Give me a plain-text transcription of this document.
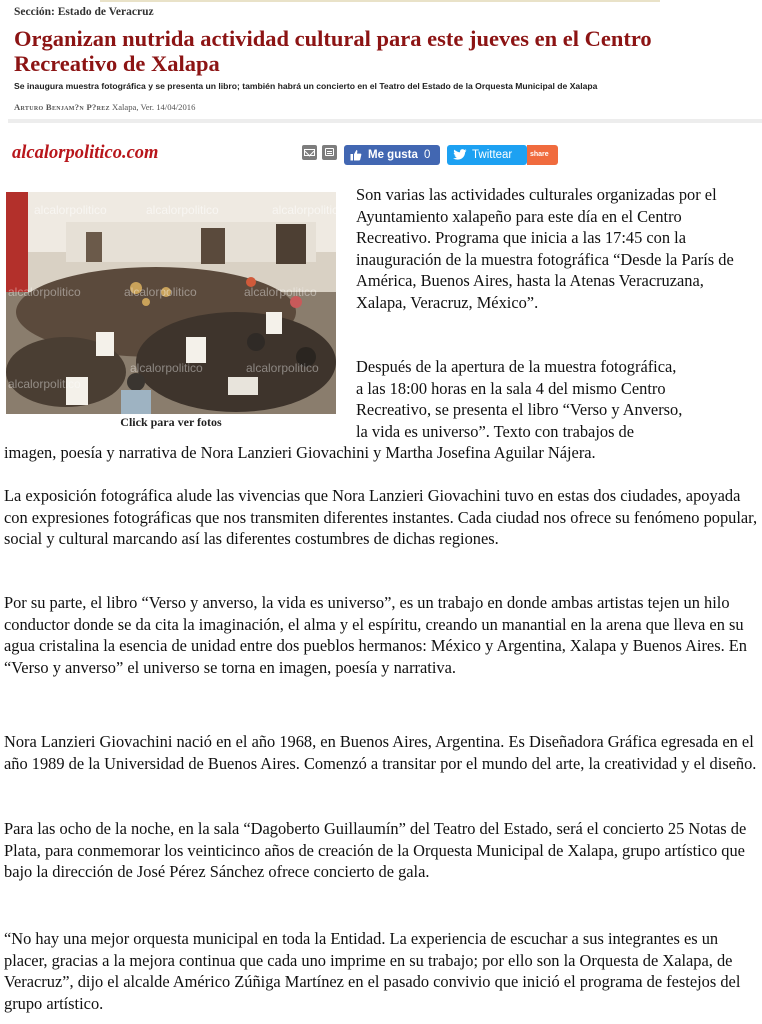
Sección: Estado de Veracruz
Organizan nutrida actividad cultural para este jueves en el Centro Recreativo de Xalapa
Se inaugura muestra fotográfica y se presenta un libro; también habrá un concierto en el Teatro del Estado de la Orquesta Municipal de Xalapa
Arturo Benjam?n P?rez Xalapa, Ver. 14/04/2016
alcalorpolitico.com	Me gusta 0	Twittear	share
alcalorpolitico	alcalorpolitico	alcalorpolitico
alcalorpolitico	alcalorpolitico	alcalorpolitico
alcalorpolitico
alcalorpolitico	alcalorpolitico
Click para ver fotos

Son varias las actividades culturales organizadas por el Ayuntamiento xalapeño para este día en el Centro Recreativo. Programa que inicia a las 17:45 con la inauguración de la muestra fotográfica “Desde la París de América, Buenos Aires, hasta la Atenas Veracruzana, Xalapa, Veracruz, México”.

Después de la apertura de la muestra fotográfica,
a las 18:00 horas en la sala 4 del mismo Centro
Recreativo, se presenta el libro “Verso y Anverso,
la vida es universo”. Texto con trabajos de
imagen, poesía y narrativa de Nora Lanzieri Giovachini y Martha Josefina Aguilar Nájera.

La exposición fotográfica alude las vivencias que Nora Lanzieri Giovachini tuvo en estas dos ciudades, apoyada con expresiones fotográficas que nos transmiten diferentes instantes. Cada ciudad nos ofrece su fenómeno popular, social y cultural marcando así las diferentes costumbres de dichas regiones.

Por su parte, el libro “Verso y anverso, la vida es universo”, es un trabajo en donde ambas artistas tejen un hilo conductor donde se da cita la imaginación, el alma y el espíritu, creando un manantial en la arena que lleva en su agua cristalina la esencia de unidad entre dos pueblos hermanos: México y Argentina, Xalapa y Buenos Aires. En “Verso y anverso” el universo se torna en imagen, poesía y narrativa.

Nora Lanzieri Giovachini nació en el año 1968, en Buenos Aires, Argentina. Es Diseñadora Gráfica egresada en el año 1989 de la Universidad de Buenos Aires. Comenzó a transitar por el mundo del arte, la creatividad y el diseño.

Para las ocho de la noche, en la sala “Dagoberto Guillaumín” del Teatro del Estado, será el concierto 25 Notas de Plata, para conmemorar los veinticinco años de creación de la Orquesta Municipal de Xalapa, grupo artístico que bajo la dirección de José Pérez Sánchez ofrece concierto de gala.

“No hay una mejor orquesta municipal en toda la Entidad. La experiencia de escuchar a sus integrantes es un placer, gracias a la mejora continua que cada uno imprime en su trabajo; por ello son la Orquesta de Xalapa, de Veracruz”, dijo el alcalde Américo Zúñiga Martínez en el pasado convivio que inició el programa de festejos del grupo artístico.
